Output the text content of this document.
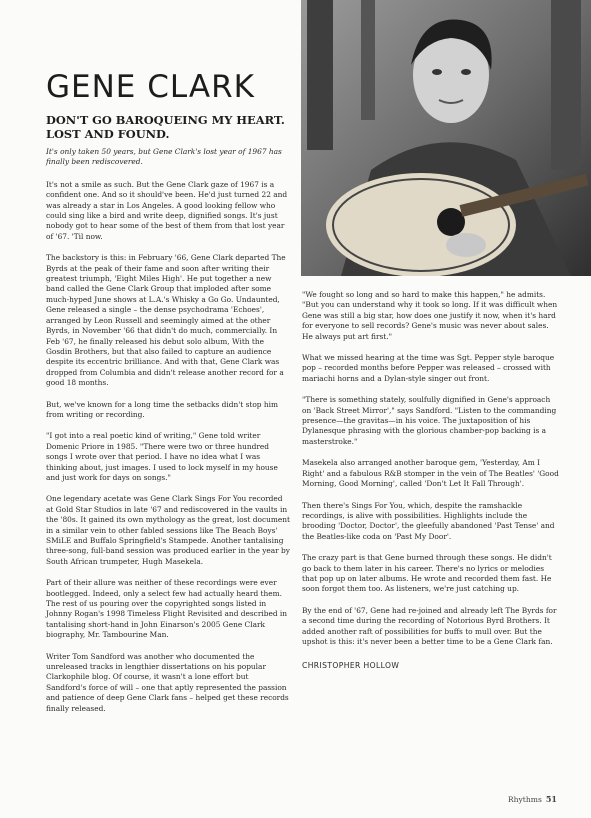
GENE CLARK
DON'T GO BAROQUEING MY HEART. LOST AND FOUND.

It's only taken 50 years, but Gene Clark's lost year of 1967 has finally been rediscovered.

It's not a smile as such. But the Gene Clark gaze of 1967 is a confident one. And so it should've been. He'd just turned 22 and was already a star in Los Angeles. A good looking fellow who could sing like a bird and write deep, dignified songs. It's just nobody got to hear some of the best of them from that lost year of '67. 'Til now.

The backstory is this: in February '66, Gene Clark departed The Byrds at the peak of their fame and soon after writing their greatest triumph, 'Eight Miles High'. He put together a new band called the Gene Clark Group that imploded after some much-hyped June shows at L.A.'s Whisky a Go Go. Undaunted, Gene released a single – the dense psychodrama 'Echoes', arranged by Leon Russell and seemingly aimed at the other Byrds, in November '66 that didn't do much, commercially. In Feb '67, he finally released his debut solo album, With the Gosdin Brothers, but that also failed to capture an audience despite its eccentric brilliance. And with that, Gene Clark was dropped from Columbia and didn't release another record for a good 18 months.

But, we've known for a long time the setbacks didn't stop him from writing or recording.

"I got into a real poetic kind of writing," Gene told writer Domenic Priore in 1985. "There were two or three hundred songs I wrote over that period. I have no idea what I was thinking about, just images. I used to lock myself in my house and just work for days on songs."

One legendary acetate was Gene Clark Sings For You recorded at Gold Star Studios in late '67 and rediscovered in the vaults in the '80s. It gained its own mythology as the great, lost document in a similar vein to other fabled sessions like The Beach Boys' SMiLE and Buffalo Springfield's Stampede. Another tantalising three-song, full-band session was produced earlier in the year by South African trumpeter, Hugh Masekela.

Part of their allure was neither of these recordings were ever bootlegged. Indeed, only a select few had actually heard them. The rest of us pouring over the copyrighted songs listed in Johnny Rogan's 1998 Timeless Flight Revisited and described in tantalising short-hand in John Einarson's 2005 Gene Clark biography, Mr. Tambourine Man.

Writer Tom Sandford was another who documented the unreleased tracks in lengthier dissertations on his popular Clarkophile blog. Of course, it wasn't a lone effort but Sandford's force of will – one that aptly represented the passion and patience of deep Gene Clark fans – helped get these records finally released.

"We fought so long and so hard to make this happen," he admits. "But you can understand why it took so long. If it was difficult when Gene was still a big star, how does one justify it now, when it's hard for everyone to sell records? Gene's music was never about sales. He always put art first."

What we missed hearing at the time was Sgt. Pepper style baroque pop – recorded months before Pepper was released – crossed with mariachi horns and a Dylan-style singer out front.

"There is something stately, soulfully dignified in Gene's approach on 'Back Street Mirror'," says Sandford. "Listen to the commanding presence—the gravitas—in his voice. The juxtaposition of his Dylanesque phrasing with the glorious chamber-pop backing is a masterstroke."

Masekela also arranged another baroque gem, 'Yesterday, Am I Right' and a fabulous R&B stomper in the vein of The Beatles' 'Good Morning, Good Morning', called 'Don't Let It Fall Through'.

Then there's Sings For You, which, despite the ramshackle recordings, is alive with possibilities. Highlights include the brooding 'Doctor, Doctor', the gleefully abandoned 'Past Tense' and the Beatles-like coda on 'Past My Door'.

The crazy part is that Gene burned through these songs. He didn't go back to them later in his career. There's no lyrics or melodies that pop up on later albums. He wrote and recorded them fast. He soon forgot them too. As listeners, we're just catching up.

By the end of '67, Gene had re-joined and already left The Byrds for a second time during the recording of Notorious Byrd Brothers. It added another raft of possibilities for buffs to mull over. But the upshot is this: it's never been a better time to be a Gene Clark fan.

CHRISTOPHER HOLLOW
Rhythms 51
